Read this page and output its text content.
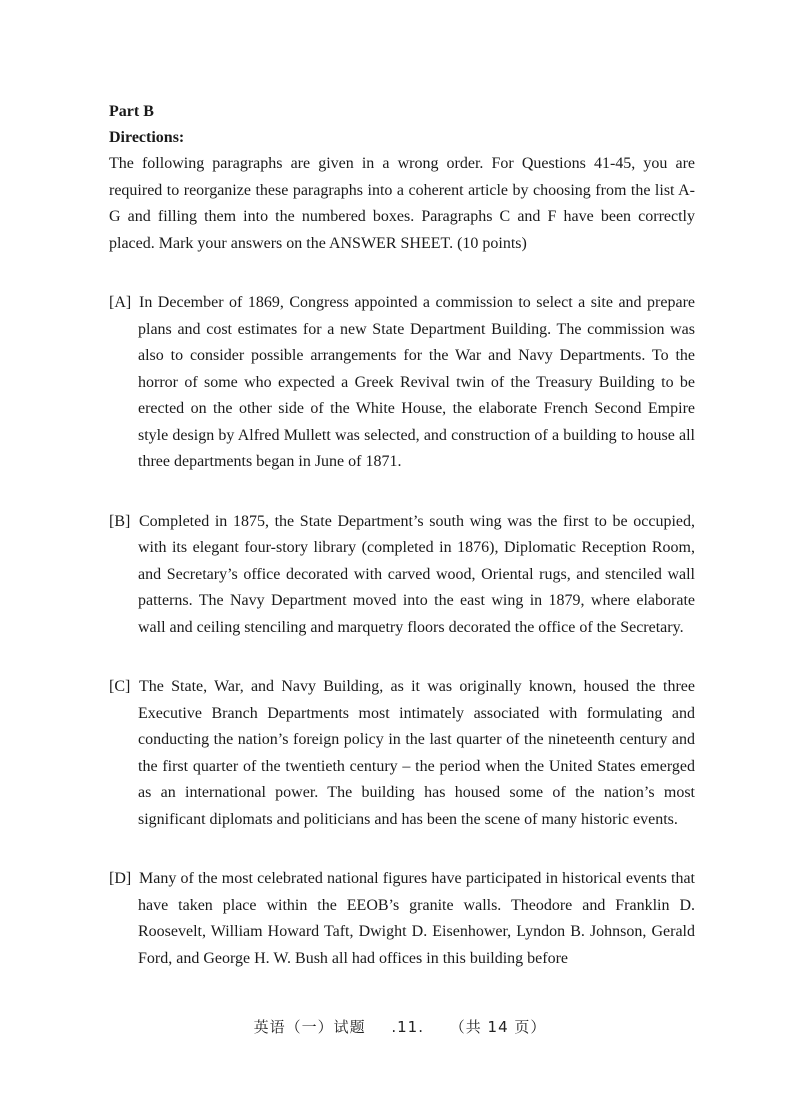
Part B

Directions:

The following paragraphs are given in a wrong order. For Questions 41-45, you are required to reorganize these paragraphs into a coherent article by choosing from the list A-G and filling them into the numbered boxes. Paragraphs C and F have been correctly placed. Mark your answers on the ANSWER SHEET. (10 points)

[A] In December of 1869, Congress appointed a commission to select a site and prepare plans and cost estimates for a new State Department Building. The commission was also to consider possible arrangements for the War and Navy Departments. To the horror of some who expected a Greek Revival twin of the Treasury Building to be erected on the other side of the White House, the elaborate French Second Empire style design by Alfred Mullett was selected, and construction of a building to house all three departments began in June of 1871.

[B] Completed in 1875, the State Department’s south wing was the first to be occupied, with its elegant four-story library (completed in 1876), Diplomatic Reception Room, and Secretary’s office decorated with carved wood, Oriental rugs, and stenciled wall patterns. The Navy Department moved into the east wing in 1879, where elaborate wall and ceiling stenciling and marquetry floors decorated the office of the Secretary.

[C] The State, War, and Navy Building, as it was originally known, housed the three Executive Branch Departments most intimately associated with formulating and conducting the nation’s foreign policy in the last quarter of the nineteenth century and the first quarter of the twentieth century – the period when the United States emerged as an international power. The building has housed some of the nation’s most significant diplomats and politicians and has been the scene of many historic events.

[D] Many of the most celebrated national figures have participated in historical events that have taken place within the EEOB’s granite walls. Theodore and Franklin D. Roosevelt, William Howard Taft, Dwight D. Eisenhower, Lyndon B. Johnson, Gerald Ford, and George H. W. Bush all had offices in this building before

英语（一）试题 .11. （共 14 页）
